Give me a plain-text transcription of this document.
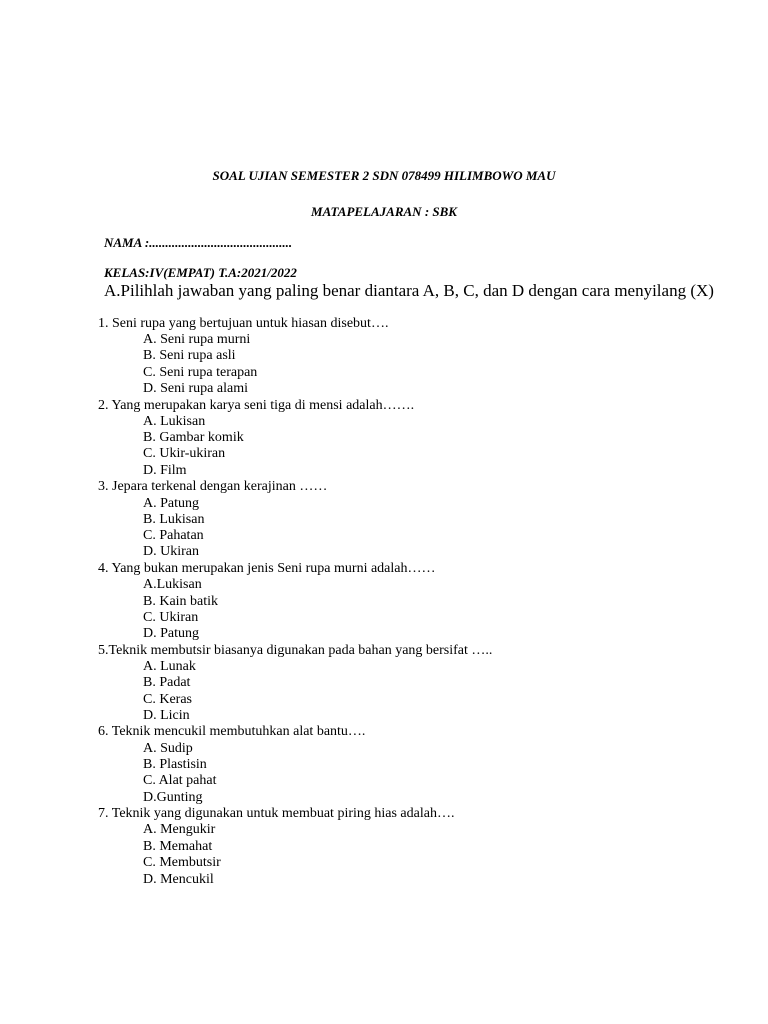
SOAL UJIAN SEMESTER 2 SDN 078499 HILIMBOWO MAU
MATAPELAJARAN : SBK
NAMA :............................................
KELAS:IV(EMPAT) T.A:2021/2022
A.Pilihlah jawaban yang paling benar diantara A, B, C, dan D dengan cara menyilang (X)
1. Seni rupa yang bertujuan untuk hiasan disebut….
A. Seni rupa murni
B. Seni rupa asli
C. Seni rupa terapan
D. Seni rupa alami
2. Yang merupakan karya seni tiga di mensi adalah…….
A. Lukisan
B. Gambar komik
C. Ukir-ukiran
D. Film
3. Jepara terkenal dengan kerajinan ……
A. Patung
B. Lukisan
C. Pahatan
D. Ukiran
4. Yang bukan merupakan jenis Seni rupa murni adalah……
A.Lukisan
B. Kain batik
C. Ukiran
D. Patung
5.Teknik membutsir biasanya digunakan pada bahan yang bersifat …..
A. Lunak
B. Padat
C. Keras
D. Licin
6. Teknik mencukil membutuhkan alat bantu….
A. Sudip
B. Plastisin
C. Alat pahat
D.Gunting
7. Teknik yang digunakan untuk membuat piring hias adalah….
A. Mengukir
B. Memahat
C. Membutsir
D. Mencukil
